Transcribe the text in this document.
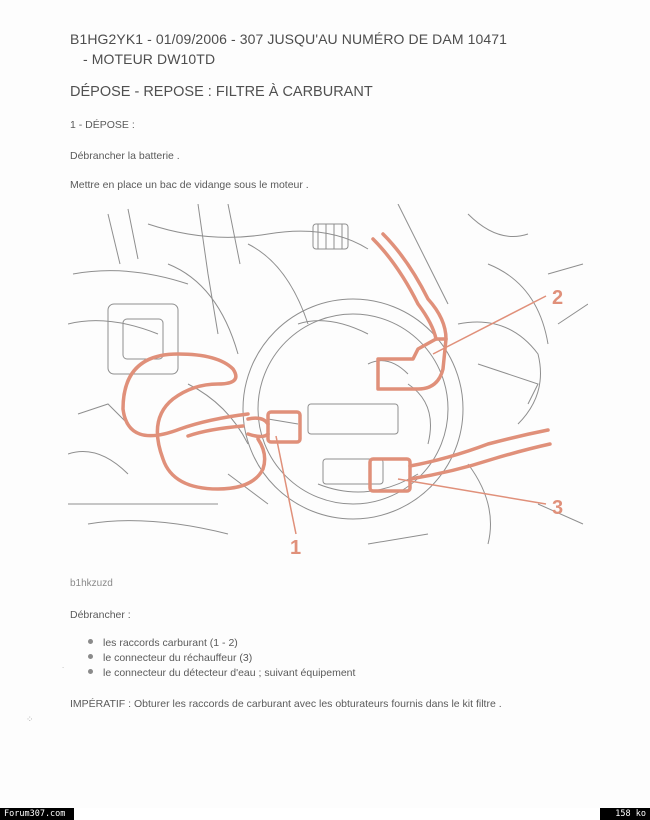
B1HG2YK1 - 01/09/2006 - 307 JUSQU'AU NUMÉRO DE DAM 10471
- MOTEUR DW10TD
DÉPOSE - REPOSE : FILTRE À CARBURANT
1 - DÉPOSE :
Débrancher la batterie .
Mettre en place un bac de vidange sous le moteur .
1
2
3
b1hkzuzd
Débrancher :
les raccords carburant (1 - 2)
le connecteur du réchauffeur (3)
le connecteur du détecteur d'eau ; suivant équipement
IMPÉRATIF : Obturer les raccords de carburant avec les obturateurs fournis dans le kit filtre .
˙
⁘
Forum307.com	158 ko
